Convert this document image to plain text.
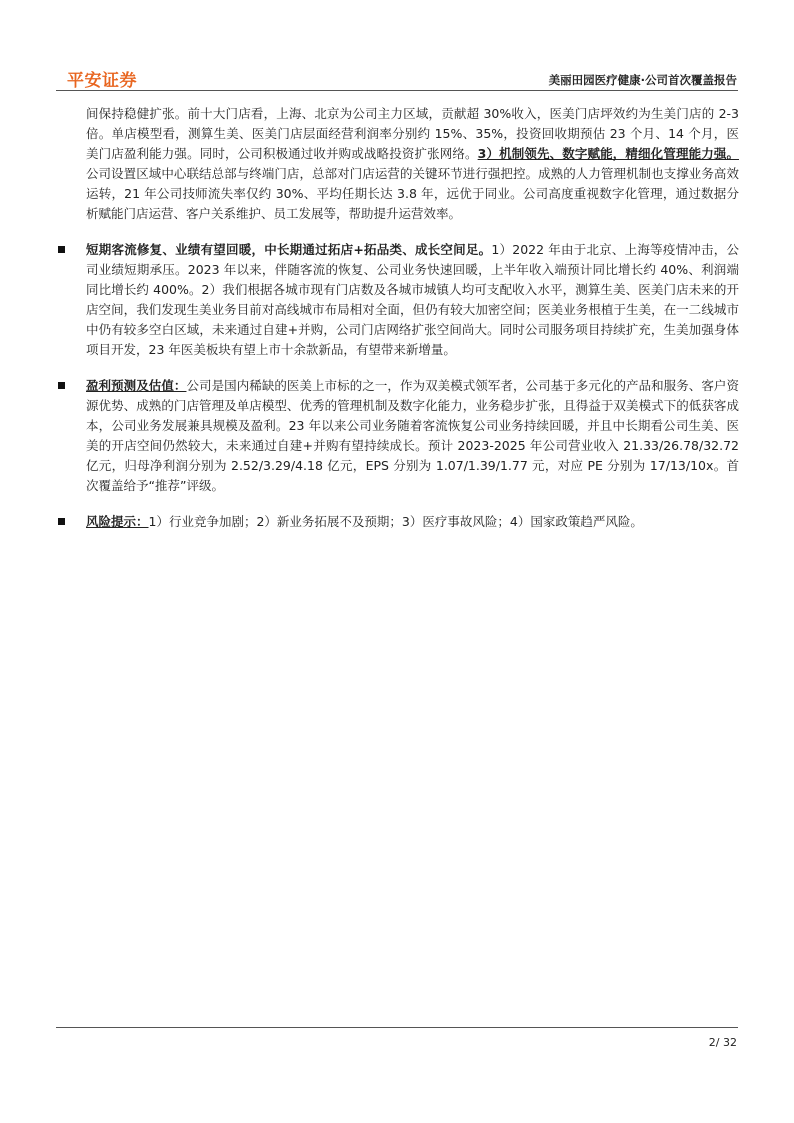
平安证券	美丽田园医疗健康·公司首次覆盖报告

间保持稳健扩张。前十大门店看，上海、北京为公司主力区域，贡献超 30%收入，医美门店坪效约为生美门店的 2-3 倍。单店模型看，测算生美、医美门店层面经营利润率分别约 15%、35%，投资回收期预估 23 个月、14 个月，医美门店盈利能力强。同时，公司积极通过收并购或战略投资扩张网络。3）机制领先、数字赋能，精细化管理能力强。公司设置区域中心联结总部与终端门店，总部对门店运营的关键环节进行强把控。成熟的人力管理机制也支撑业务高效运转，21 年公司技师流失率仅约 30%、平均任期长达 3.8 年，远优于同业。公司高度重视数字化管理，通过数据分析赋能门店运营、客户关系维护、员工发展等，帮助提升运营效率。

短期客流修复、业绩有望回暖，中长期通过拓店+拓品类、成长空间足。1）2022 年由于北京、上海等疫情冲击，公司业绩短期承压。2023 年以来，伴随客流的恢复、公司业务快速回暖，上半年收入端预计同比增长约 40%、利润端同比增长约 400%。2）我们根据各城市现有门店数及各城市城镇人均可支配收入水平，测算生美、医美门店未来的开店空间，我们发现生美业务目前对高线城市布局相对全面，但仍有较大加密空间；医美业务根植于生美，在一二线城市中仍有较多空白区域，未来通过自建+并购，公司门店网络扩张空间尚大。同时公司服务项目持续扩充，生美加强身体项目开发，23 年医美板块有望上市十余款新品，有望带来新增量。

盈利预测及估值：公司是国内稀缺的医美上市标的之一，作为双美模式领军者，公司基于多元化的产品和服务、客户资源优势、成熟的门店管理及单店模型、优秀的管理机制及数字化能力，业务稳步扩张，且得益于双美模式下的低获客成本，公司业务发展兼具规模及盈利。23 年以来公司业务随着客流恢复公司业务持续回暖，并且中长期看公司生美、医美的开店空间仍然较大，未来通过自建+并购有望持续成长。预计 2023-2025 年公司营业收入 21.33/26.78/32.72 亿元，归母净利润分别为 2.52/3.29/4.18 亿元，EPS 分别为 1.07/1.39/1.77 元，对应 PE 分别为 17/13/10x。首次覆盖给予“推荐”评级。

风险提示：1）行业竞争加剧；2）新业务拓展不及预期；3）医疗事故风险；4）国家政策趋严风险。

2/ 32
